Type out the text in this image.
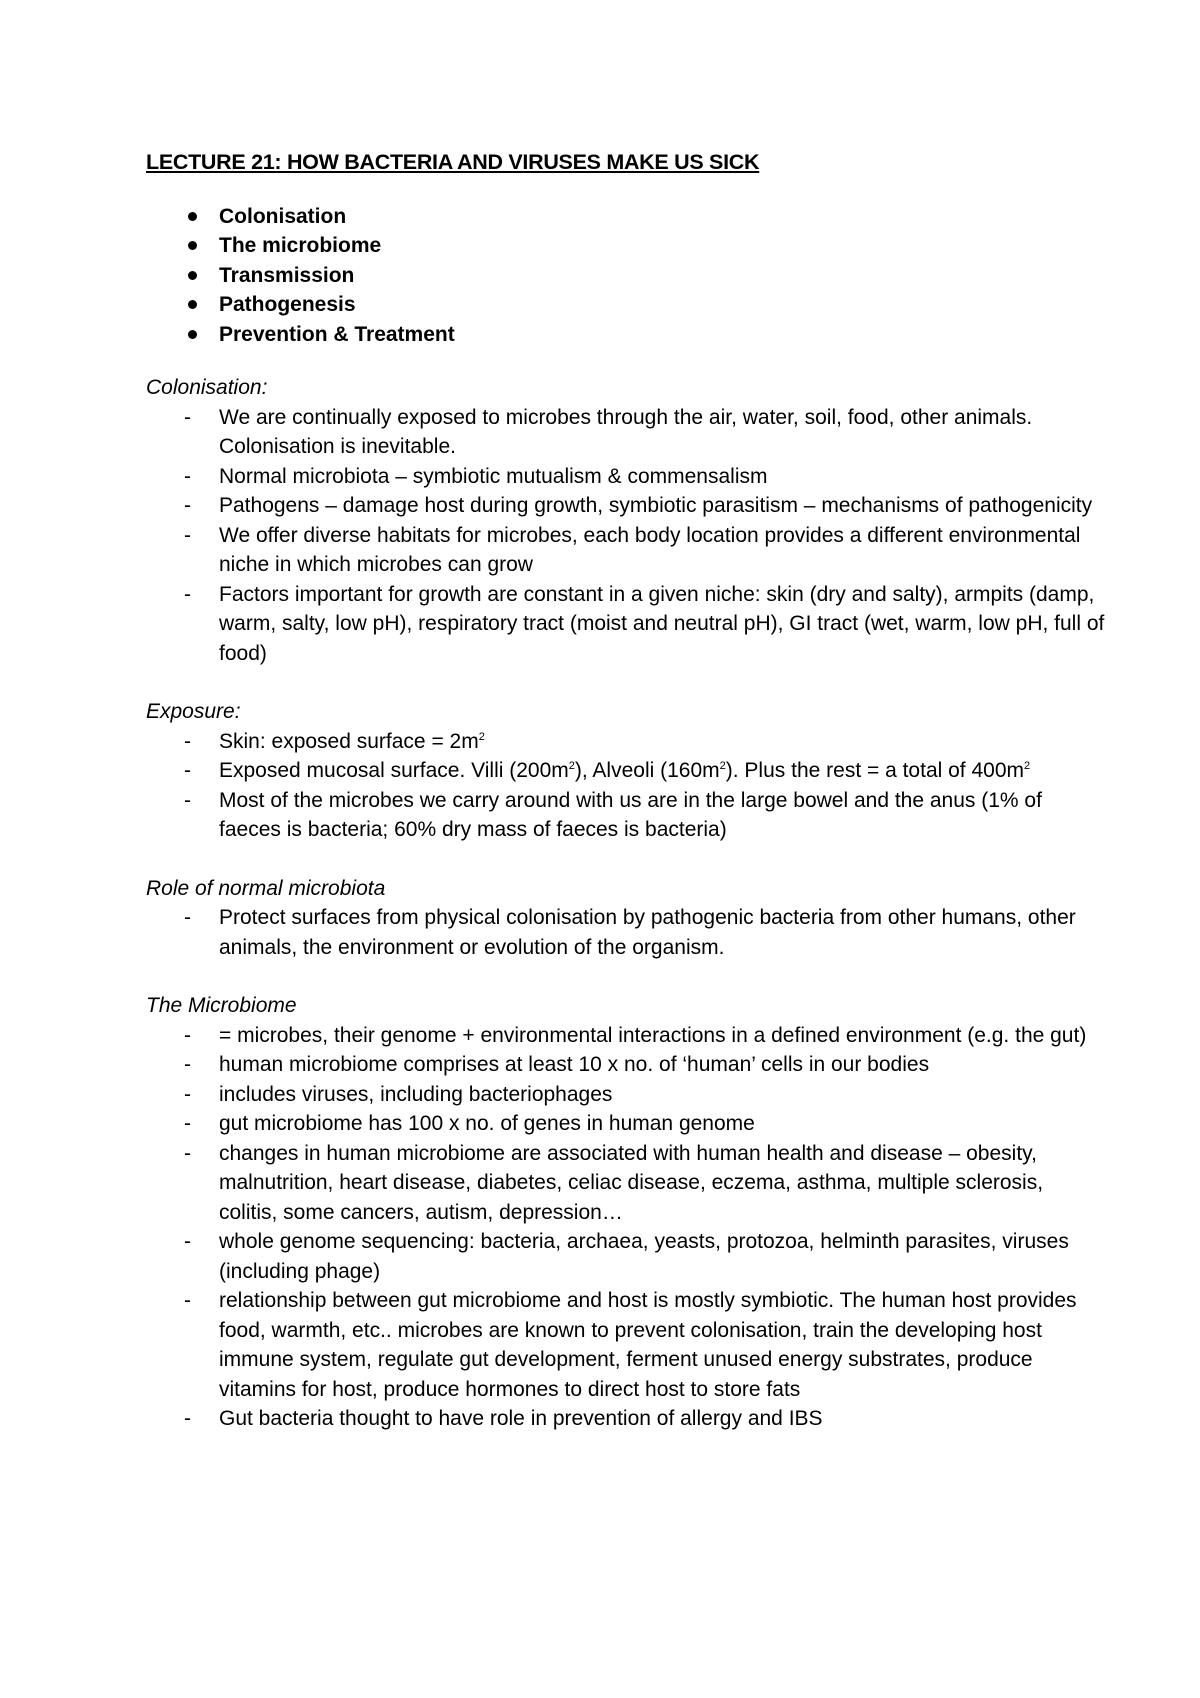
LECTURE 21: HOW BACTERIA AND VIRUSES MAKE US SICK
Colonisation
The microbiome
Transmission
Pathogenesis
Prevention & Treatment
Colonisation:
- We are continually exposed to microbes through the air, water, soil, food, other animals. Colonisation is inevitable.
- Normal microbiota – symbiotic mutualism & commensalism
- Pathogens – damage host during growth, symbiotic parasitism – mechanisms of pathogenicity
- We offer diverse habitats for microbes, each body location provides a different environmental niche in which microbes can grow
- Factors important for growth are constant in a given niche: skin (dry and salty), armpits (damp, warm, salty, low pH), respiratory tract (moist and neutral pH), GI tract (wet, warm, low pH, full of food)
Exposure:
- Skin: exposed surface = $2m^2$
- Exposed mucosal surface. Villi $(200m^2)$, Alveoli $(160m^2)$. Plus the rest = a total of $400m^2$
- Most of the microbes we carry around with us are in the large bowel and the anus (1% of faeces is bacteria; 60% dry mass of faeces is bacteria)
Role of normal microbiota
- Protect surfaces from physical colonisation by pathogenic bacteria from other humans, other animals, the environment or evolution of the organism.
The Microbiome
- = microbes, their genome + environmental interactions in a defined environment (e.g. the gut)
- human microbiome comprises at least 10 x no. of ‘human’ cells in our bodies
- includes viruses, including bacteriophages
- gut microbiome has 100 x no. of genes in human genome
- changes in human microbiome are associated with human health and disease – obesity, malnutrition, heart disease, diabetes, celiac disease, eczema, asthma, multiple sclerosis, colitis, some cancers, autism, depression…
- whole genome sequencing: bacteria, archaea, yeasts, protozoa, helminth parasites, viruses (including phage)
- relationship between gut microbiome and host is mostly symbiotic. The human host provides food, warmth, etc.. microbes are known to prevent colonisation, train the developing host immune system, regulate gut development, ferment unused energy substrates, produce vitamins for host, produce hormones to direct host to store fats
- Gut bacteria thought to have role in prevention of allergy and IBS
